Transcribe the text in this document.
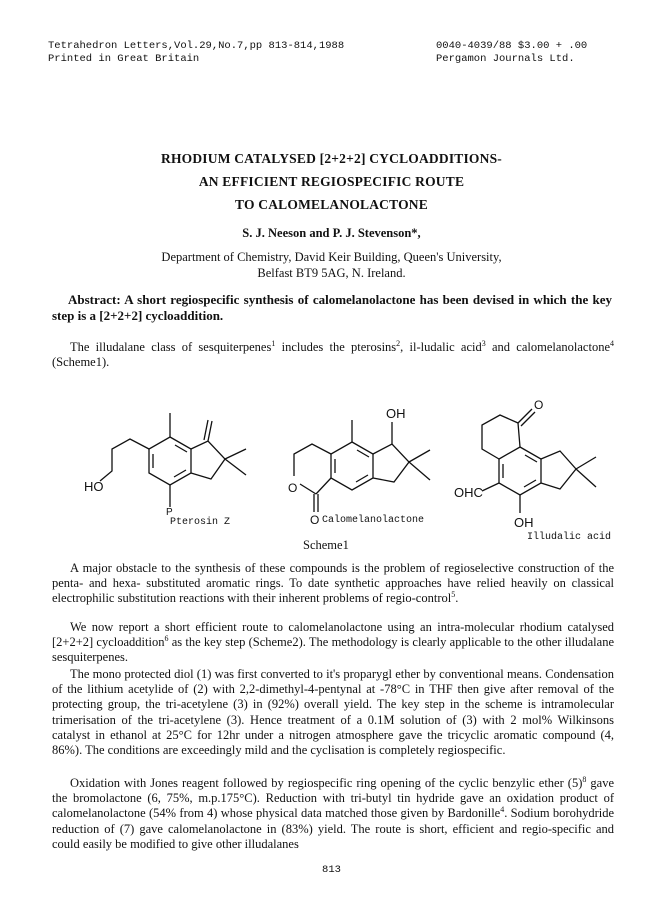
Tetrahedron Letters,Vol.29,No.7,pp 813-814,1988
Printed in Great Britain
0040-4039/88 $3.00 + .00
Pergamon Journals Ltd.
RHODIUM CATALYSED [2+2+2] CYCLOADDITIONS-
AN EFFICIENT REGIOSPECIFIC ROUTE
TO CALOMELANOLACTONE
S. J. Neeson and P. J. Stevenson*,
Department of Chemistry, David Keir Building, Queen's University,
Belfast BT9 5AG, N. Ireland.
Abstract: A short regiospecific synthesis of calomelanolactone has been devised in which the key step is a [2+2+2] cycloaddition.

The illudalane class of sesquiterpenes$^1$ includes the pterosins$^2$, il-ludalic acid$^3$ and calomelanolactone$^4$ (Scheme1).

HO
P
Pterosin Z
OH
O
O Calomelanolactone
O
OHC
OH
Illudalic acid
Scheme1

A major obstacle to the synthesis of these compounds is the problem of regioselective construction of the penta- and hexa- substituted aromatic rings. To date synthetic approaches have relied heavily on classical electrophilic substitution reactions with their inherent problems of regio-control$^5$.

We now report a short efficient route to calomelanolactone using an intra-molecular rhodium catalysed [2+2+2] cycloaddition$^6$ as the key step (Scheme2). The methodology is clearly applicable to the other illudalane sesquiterpenes.

The mono protected diol (1) was first converted to it's proparygl ether by conventional means. Condensation of the lithium acetylide of (2) with 2,2-dimethyl-4-pentynal at -78°C in THF then give after removal of the protecting group, the tri-acetylene (3) in (92%) overall yield. The key step in the scheme is intramolecular trimerisation of the tri-acetylene (3). Hence treatment of a 0.1M solution of (3) with 2 mol% Wilkinsons catalyst in ethanol at 25°C for 12hr under a nitrogen atmosphere gave the tricyclic aromatic compound (4, 86%). The conditions are exceedingly mild and the cyclisation is completely regiospecific.

Oxidation with Jones reagent followed by regiospecific ring opening of the cyclic benzylic ether $(5)^8$ gave the bromolactone (6, 75%, m.p.175°C). Reduction with tri-butyl tin hydride gave an oxidation product of calomelanolactone (54% from 4) whose physical data matched those given by Bardonille$^4$. Sodium borohydride reduction of (7) gave calomelanolactone in (83%) yield. The route is short, efficient and regio-specific and could easily be modified to give other illudalanes

813
